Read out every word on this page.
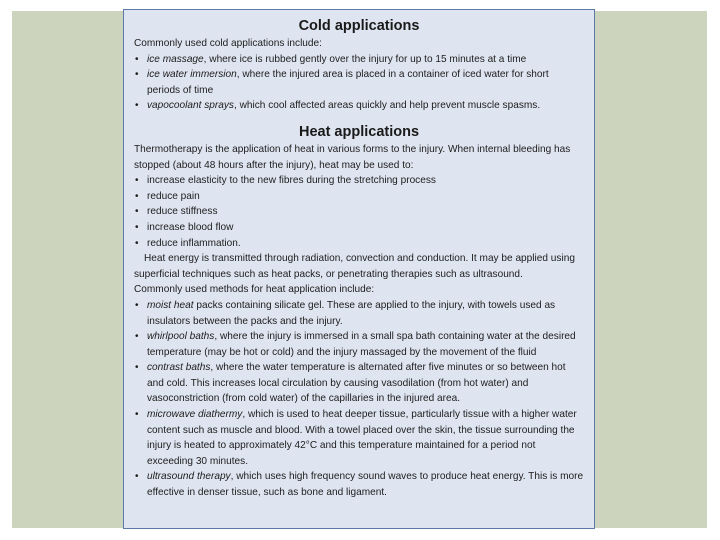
Cold applications

Commonly used cold applications include:

• ice massage, where ice is rubbed gently over the injury for up to 15 minutes at a time
• ice water immersion, where the injured area is placed in a container of iced water for short periods of time
• vapocoolant sprays, which cool affected areas quickly and help prevent muscle spasms.
Heat applications

Thermotherapy is the application of heat in various forms to the injury. When internal bleeding has stopped (about 48 hours after the injury), heat may be used to:

• increase elasticity to the new fibres during the stretching process
• reduce pain
• reduce stiffness
• increase blood flow
• reduce inflammation.

Heat energy is transmitted through radiation, convection and conduction. It may be applied using superficial techniques such as heat packs, or penetrating therapies such as ultrasound.

Commonly used methods for heat application include:

• moist heat packs containing silicate gel. These are applied to the injury, with towels used as insulators between the packs and the injury.
• whirlpool baths, where the injury is immersed in a small spa bath containing water at the desired temperature (may be hot or cold) and the injury massaged by the movement of the fluid
• contrast baths, where the water temperature is alternated after five minutes or so between hot and cold. This increases local circulation by causing vasodilation (from hot water) and vasoconstriction (from cold water) of the capillaries in the injured area.
• microwave diathermy, which is used to heat deeper tissue, particularly tissue with a higher water content such as muscle and blood. With a towel placed over the skin, the tissue surrounding the injury is heated to approximately 42°C and this temperature maintained for a period not exceeding 30 minutes.
• ultrasound therapy, which uses high frequency sound waves to produce heat energy. This is more effective in denser tissue, such as bone and ligament.
